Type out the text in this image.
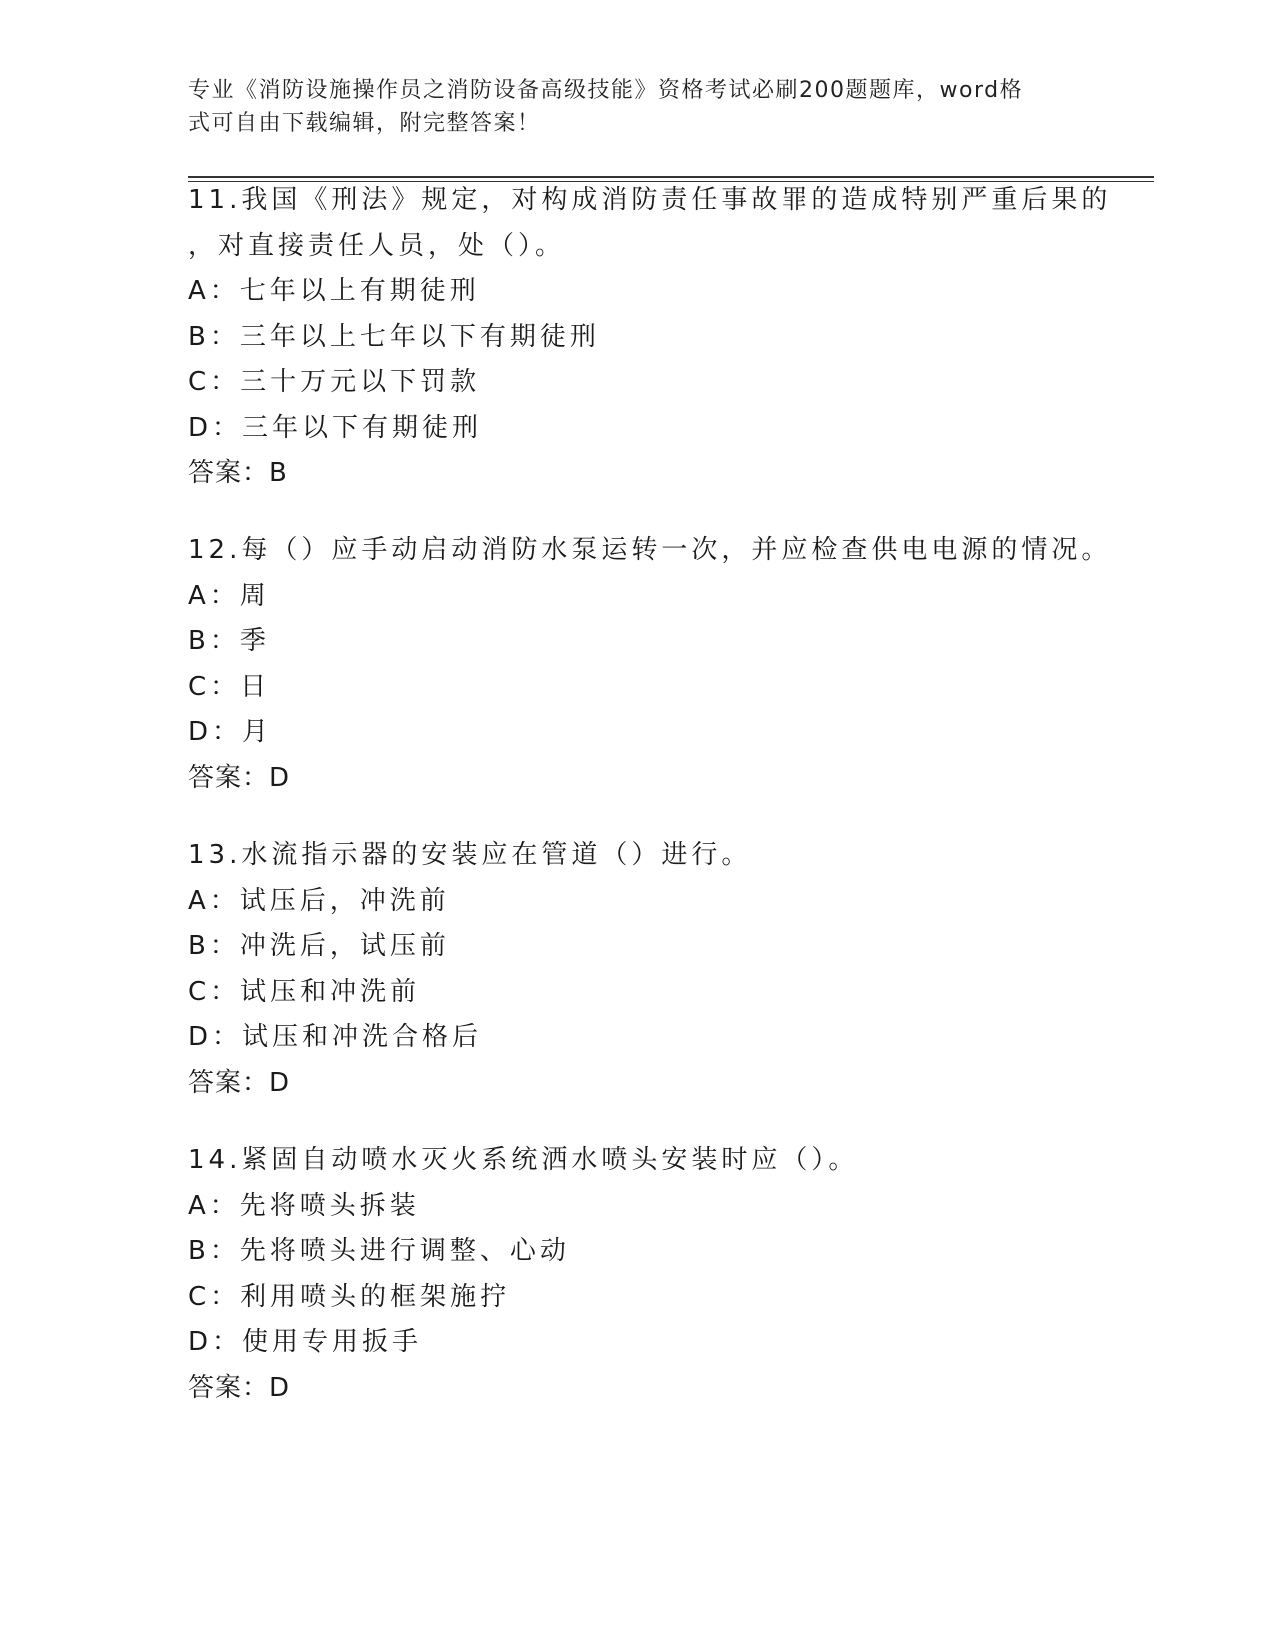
专业《消防设施操作员之消防设备高级技能》资格考试必刷200题题库，word格
式可自由下载编辑，附完整答案！
11.我国《刑法》规定，对构成消防责任事故罪的造成特别严重后果的
，对直接责任人员，处（）。
A：七年以上有期徒刑
B：三年以上七年以下有期徒刑
C：三十万元以下罚款
D：三年以下有期徒刑
答案：B
12.每（）应手动启动消防水泵运转一次，并应检查供电电源的情况。
A：周
B：季
C：日
D：月
答案：D
13.水流指示器的安装应在管道（）进行。
A：试压后，冲洗前
B：冲洗后，试压前
C：试压和冲洗前
D：试压和冲洗合格后
答案：D
14.紧固自动喷水灭火系统洒水喷头安装时应（）。
A：先将喷头拆装
B：先将喷头进行调整、心动
C：利用喷头的框架施拧
D：使用专用扳手
答案：D
